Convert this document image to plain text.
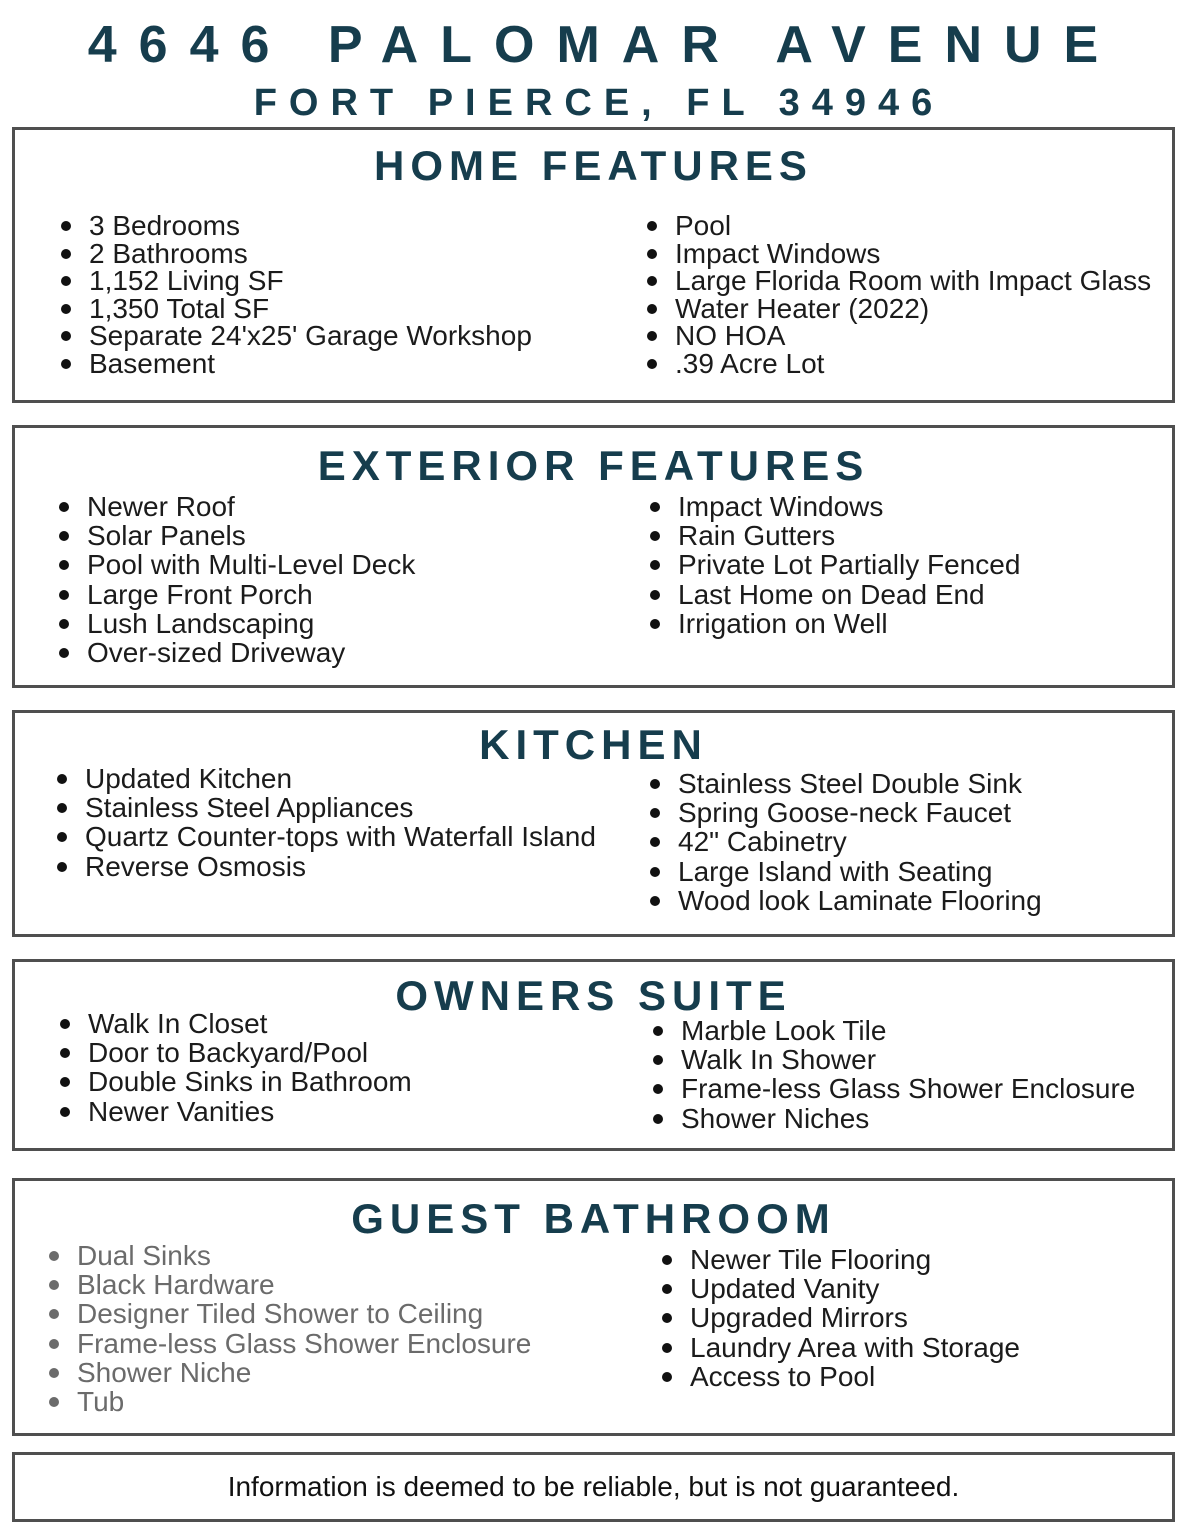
4646 PALOMAR AVENUE
FORT PIERCE, FL 34946
HOME FEATURES
3 Bedrooms
2 Bathrooms
1,152 Living SF
1,350 Total SF
Separate 24'x25' Garage Workshop
Basement
Pool
Impact Windows
Large Florida Room with Impact Glass
Water Heater (2022)
NO HOA
.39 Acre Lot
EXTERIOR FEATURES
Newer Roof
Solar Panels
Pool with Multi-Level Deck
Large Front Porch
Lush Landscaping
Over-sized Driveway
Impact Windows
Rain Gutters
Private Lot Partially Fenced
Last Home on Dead End
Irrigation on Well
KITCHEN
Updated Kitchen
Stainless Steel Appliances
Quartz Counter-tops with Waterfall Island
Reverse Osmosis
Stainless Steel Double Sink
Spring Goose-neck Faucet
42" Cabinetry
Large Island with Seating
Wood look Laminate Flooring
OWNERS SUITE
Walk In Closet
Door to Backyard/Pool
Double Sinks in Bathroom
Newer Vanities
Marble Look Tile
Walk In Shower
Frame-less Glass Shower Enclosure
Shower Niches
GUEST BATHROOM
Dual Sinks
Black Hardware
Designer Tiled Shower to Ceiling
Frame-less Glass Shower Enclosure
Shower Niche
Tub
Newer Tile Flooring
Updated Vanity
Upgraded Mirrors
Laundry Area with Storage
Access to Pool
Information is deemed to be reliable, but is not guaranteed.
